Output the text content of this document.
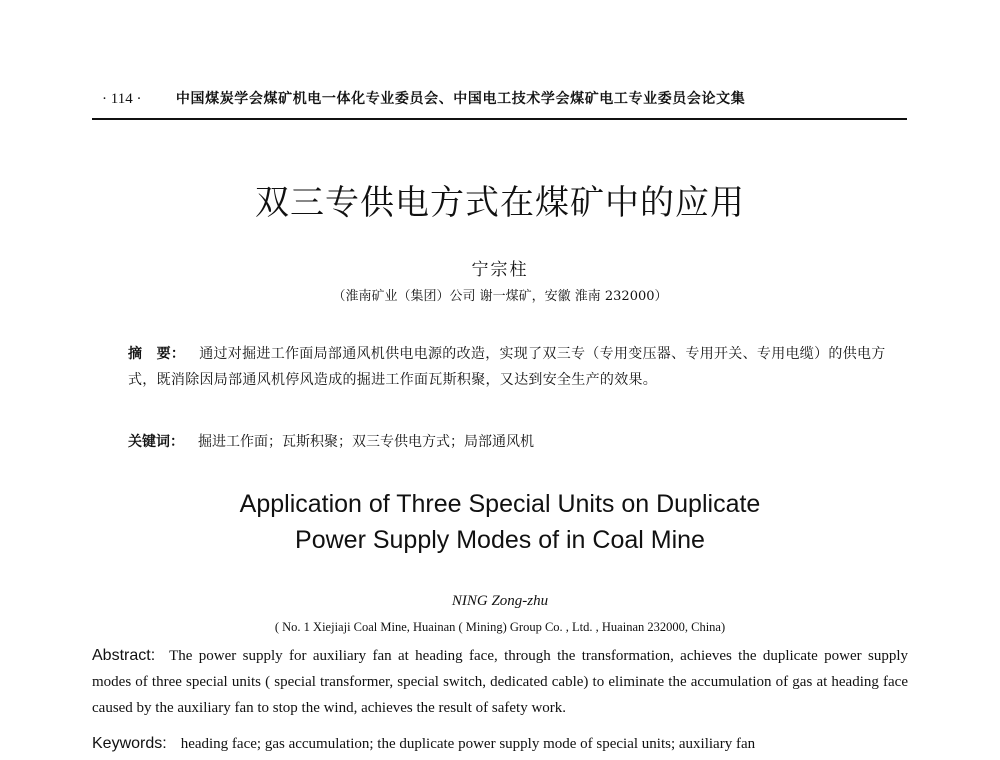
· 114 · 中国煤炭学会煤矿机电一体化专业委员会、中国电工技术学会煤矿电工专业委员会论文集
双三专供电方式在煤矿中的应用
宁宗柱
（淮南矿业（集团）公司 谢一煤矿，安徽 淮南 232000）
摘　要： 通过对掘进工作面局部通风机供电电源的改造，实现了双三专（专用变压器、专用开关、专用电缆）的供电方式，既消除因局部通风机停风造成的掘进工作面瓦斯积聚，又达到安全生产的效果。
关键词： 掘进工作面；瓦斯积聚；双三专供电方式；局部通风机
Application of Three Special Units on Duplicate
Power Supply Modes of in Coal Mine
NING Zong-zhu
( No. 1 Xiejiaji Coal Mine, Huainan ( Mining) Group Co. , Ltd. , Huainan 232000, China)
Abstract: The power supply for auxiliary fan at heading face, through the transformation, achieves the duplicate power supply modes of three special units ( special transformer, special switch, dedicated cable) to eliminate the accumulation of gas at heading face caused by the auxiliary fan to stop the wind, achieves the result of safety work.
Keywords: heading face; gas accumulation; the duplicate power supply mode of special units; auxiliary fan
